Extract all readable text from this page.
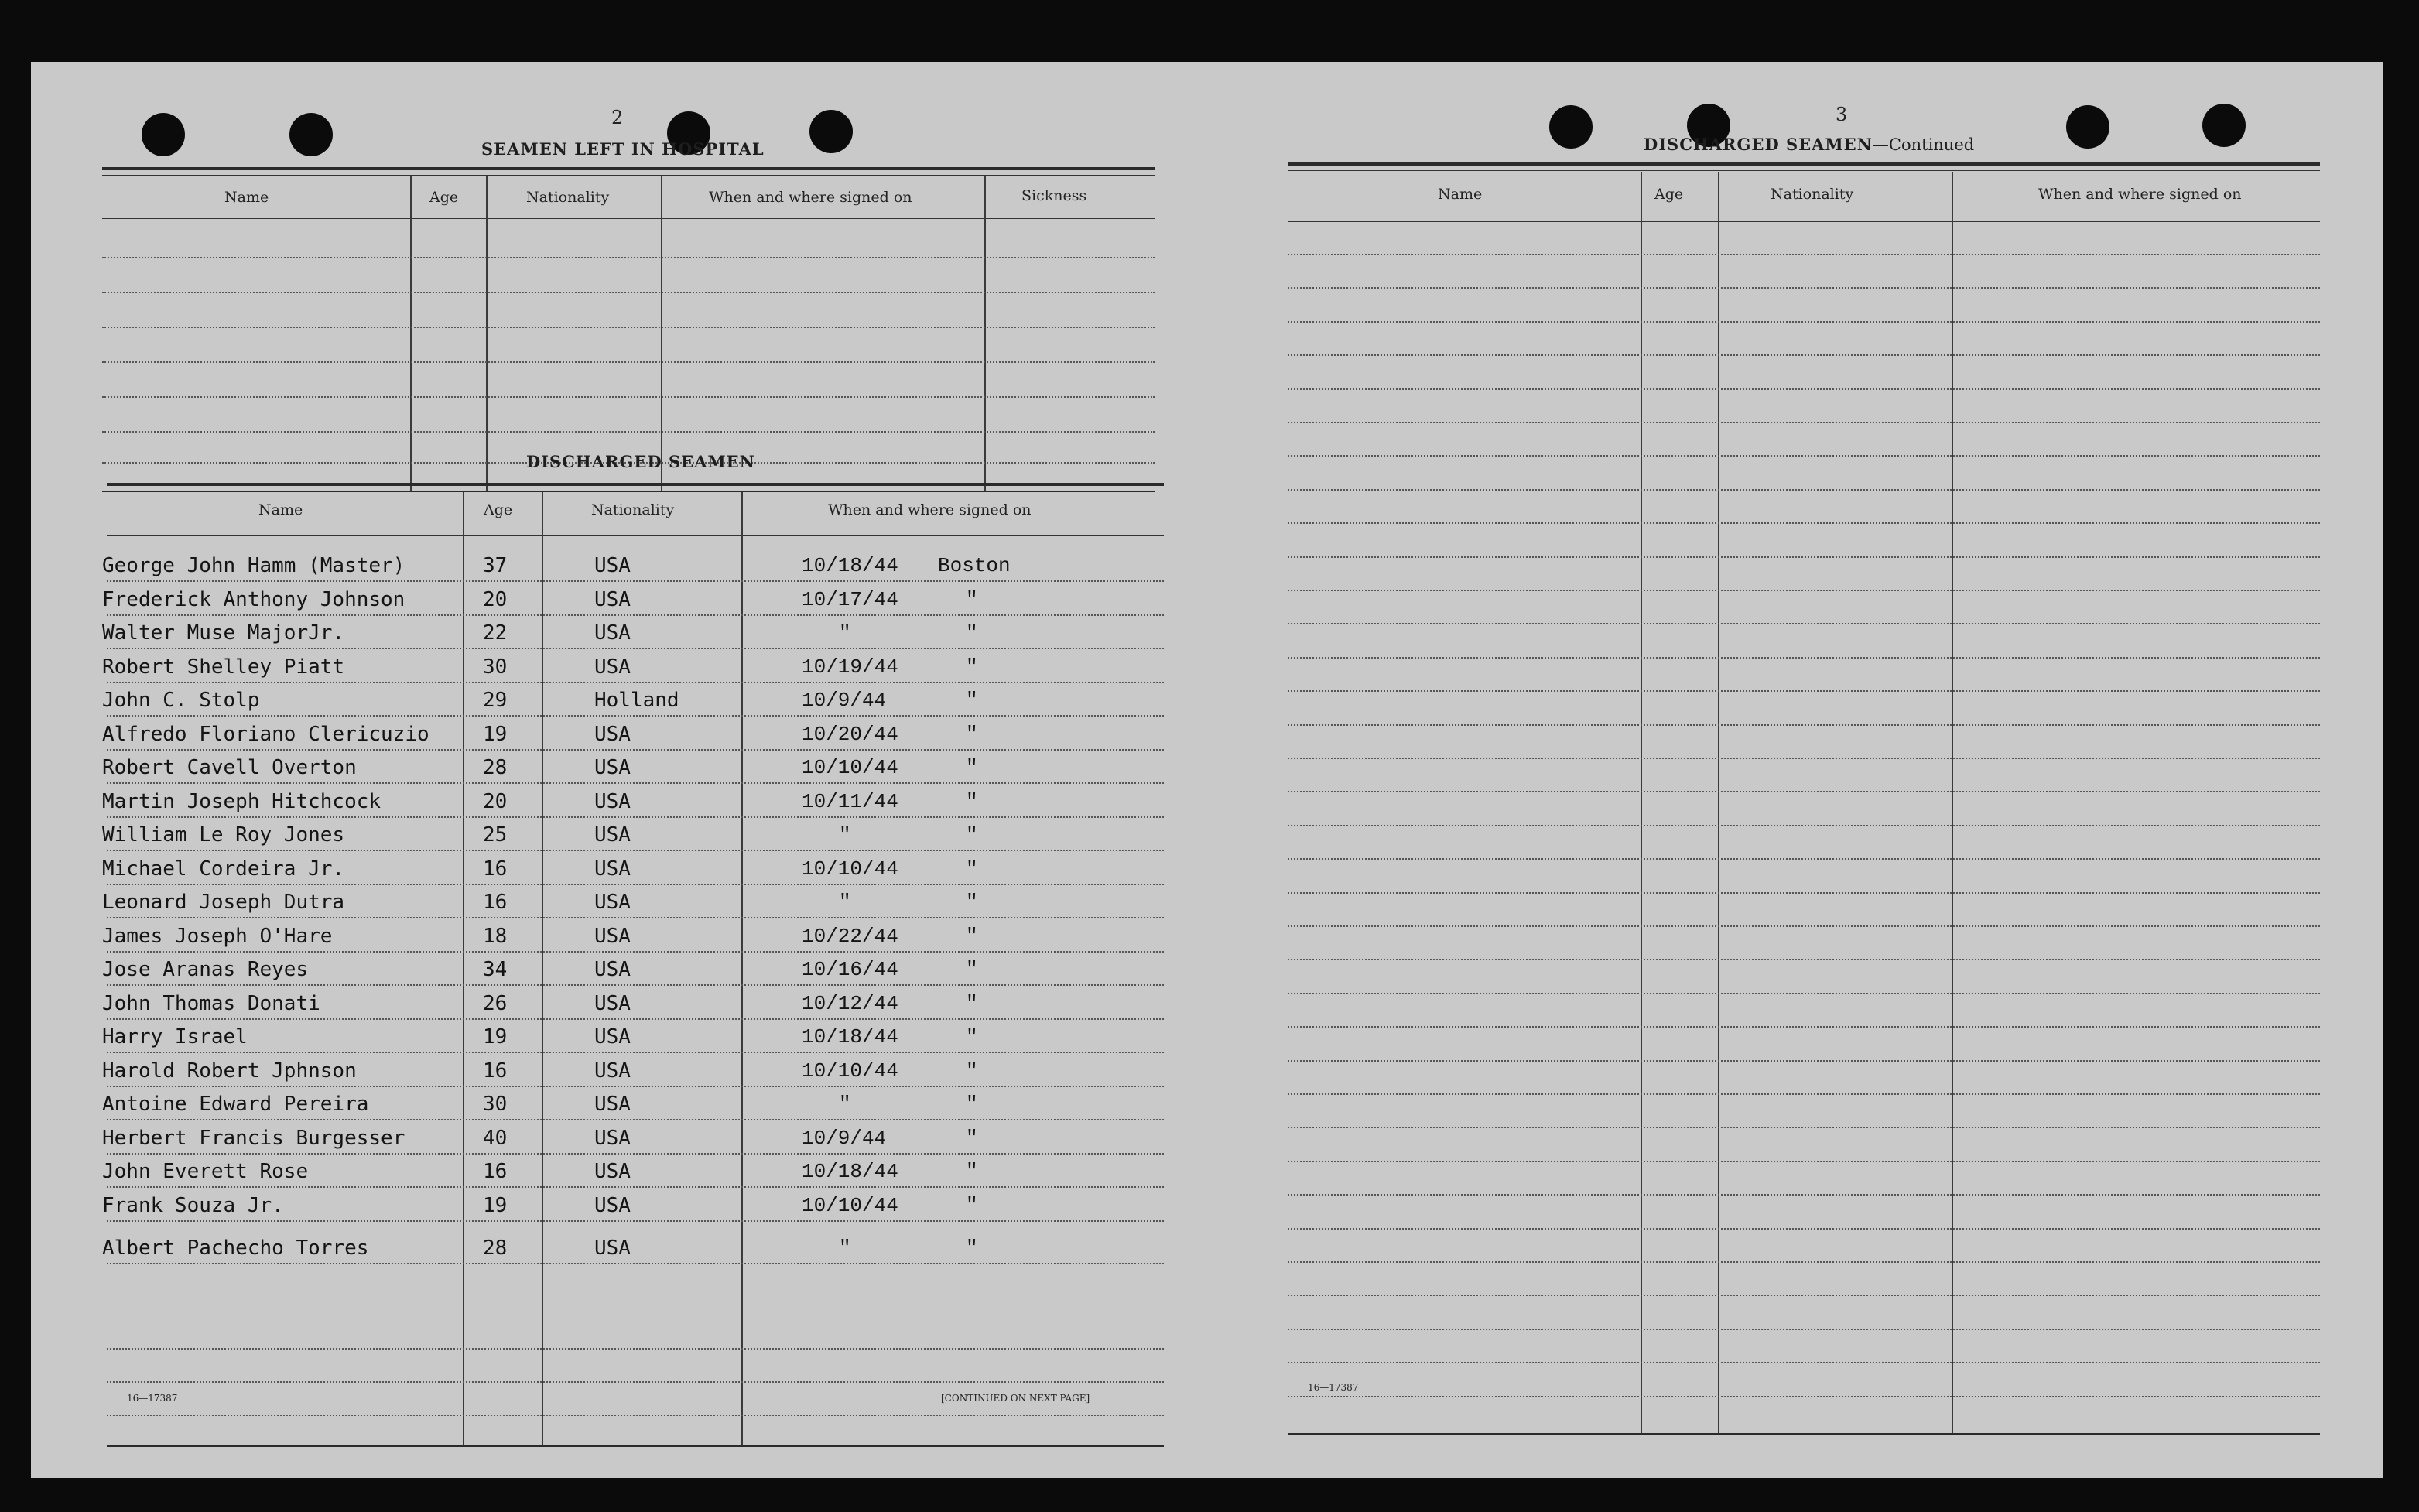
2
SEAMEN LEFT IN HOSPITAL
Name	Age	Nationality	When and where signed on	Sickness
DISCHARGED SEAMEN
Name	Age	Nationality	When and where signed on
George John Hamm (Master)	37	USA	10/18/44 Boston
Frederick Anthony Johnson	20	USA	10/17/44	"
Walter Muse MajorJr.	22	USA	"	"
Robert Shelley Piatt	30	USA	10/19/44	"
John C. Stolp	29	Holland	10/9/44	"
Alfredo Floriano Clericuzio	19	USA	10/20/44	"
Robert Cavell Overton	28	USA	10/10/44	"
Martin Joseph Hitchcock	20	USA	10/11/44	"
William Le Roy Jones	25	USA	"	"
Michael Cordeira Jr.	16	USA	10/10/44	"
Leonard Joseph Dutra	16	USA	"	"
James Joseph O'Hare	18	USA	10/22/44	"
Jose Aranas Reyes	34	USA	10/16/44	"
John Thomas Donati	26	USA	10/12/44	"
Harry Israel	19	USA	10/18/44	"
Harold Robert Jphnson	16	USA	10/10/44	"
Antoine Edward Pereira	30	USA	"	"
Herbert Francis Burgesser	40	USA	10/9/44	"
John Everett Rose	16	USA	10/18/44	"
Frank Souza Jr.	19	USA	10/10/44	"
Albert Pachecho Torres	28	USA	"	"
16—17387	[CONTINUED ON NEXT PAGE]
3
DISCHARGED SEAMEN—Continued
Name	Age	Nationality	When and where signed on
16—17387
